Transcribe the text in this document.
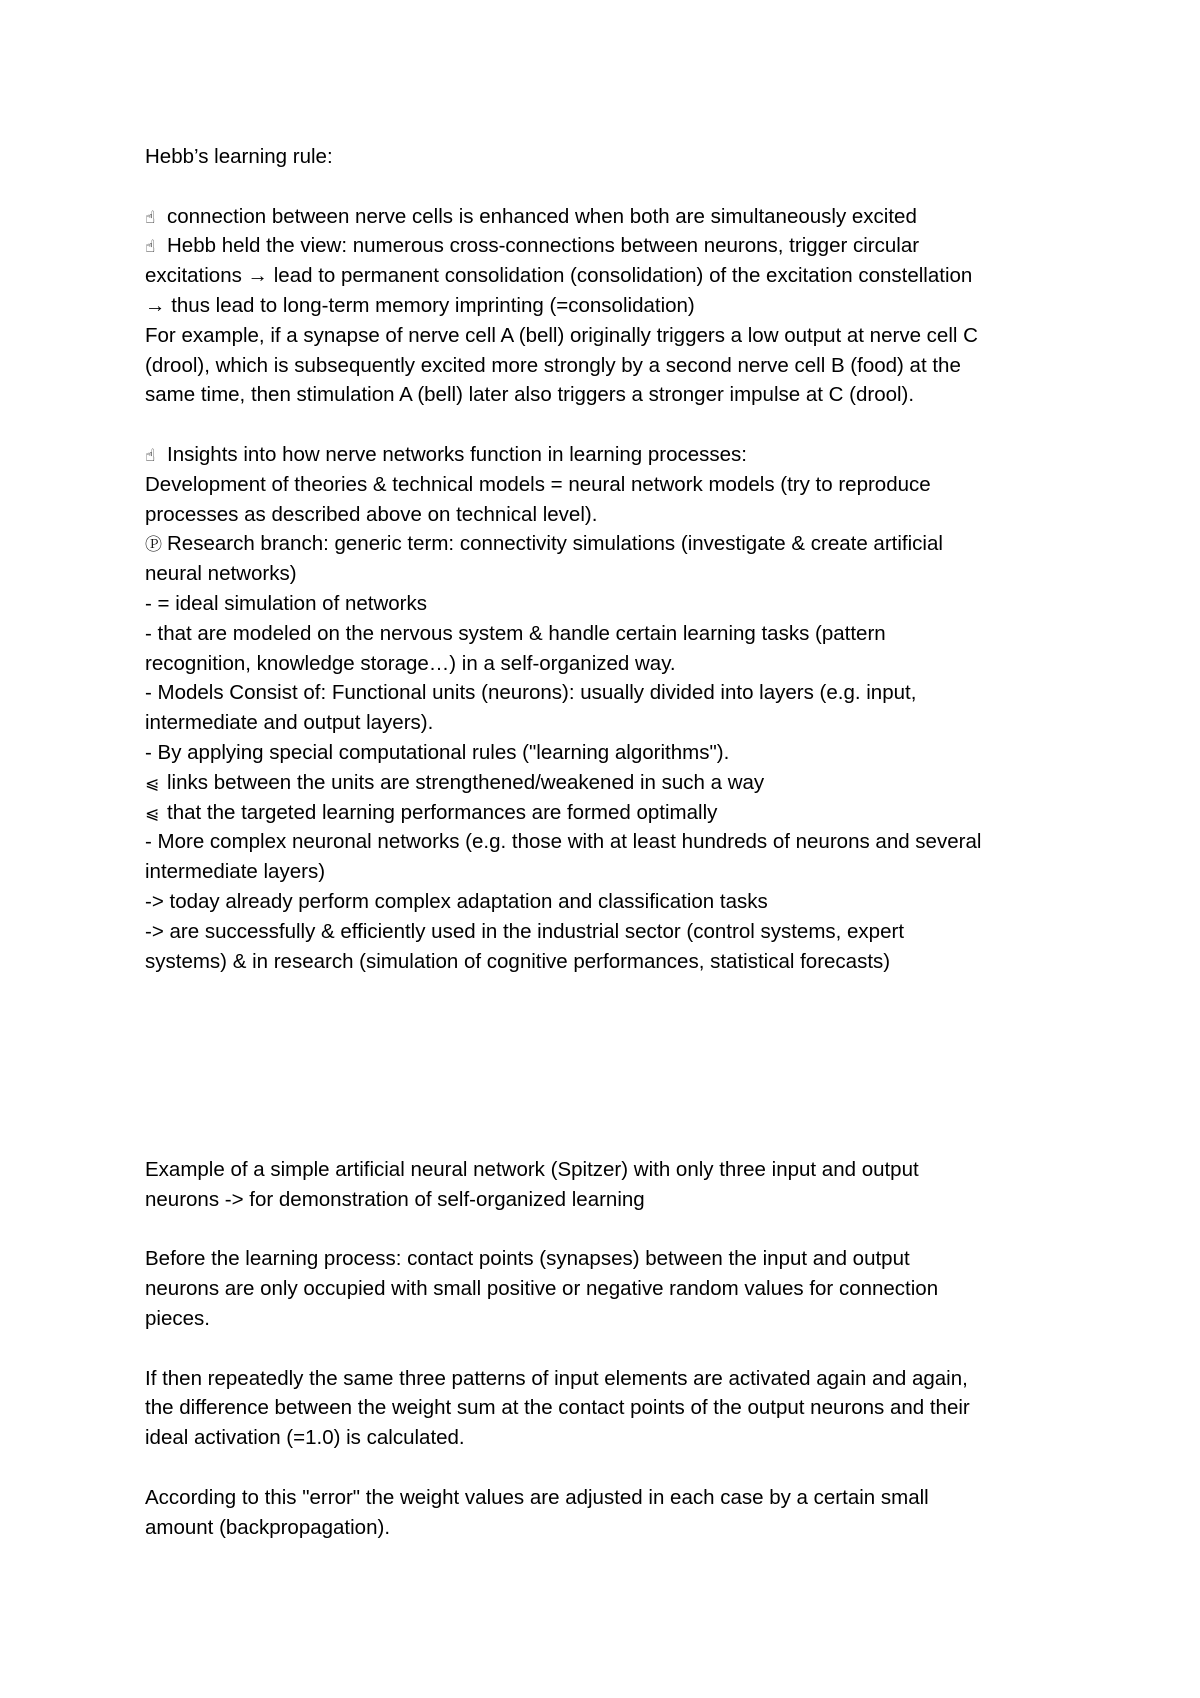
Hebb’s learning rule:
☝ connection between nerve cells is enhanced when both are simultaneously excited
☝ Hebb held the view: numerous cross-connections between neurons, trigger circular
excitations → lead to permanent consolidation (consolidation) of the excitation constellation
→ thus lead to long-term memory imprinting (=consolidation)
For example, if a synapse of nerve cell A (bell) originally triggers a low output at nerve cell C
(drool), which is subsequently excited more strongly by a second nerve cell B (food) at the
same time, then stimulation A (bell) later also triggers a stronger impulse at C (drool).
☝ Insights into how nerve networks function in learning processes:
Development of theories & technical models = neural network models (try to reproduce
processes as described above on technical level).
Ⓟ Research branch: generic term: connectivity simulations (investigate & create artificial
neural networks)
- = ideal simulation of networks
- that are modeled on the nervous system & handle certain learning tasks (pattern
recognition, knowledge storage…) in a self-organized way.
- Models Consist of: Functional units (neurons): usually divided into layers (e.g. input,
intermediate and output layers).
- By applying special computational rules ("learning algorithms").
⩿ links between the units are strengthened/weakened in such a way
⩿ that the targeted learning performances are formed optimally
- More complex neuronal networks (e.g. those with at least hundreds of neurons and several
intermediate layers)
-> today already perform complex adaptation and classification tasks
-> are successfully & efficiently used in the industrial sector (control systems, expert
systems) & in research (simulation of cognitive performances, statistical forecasts)
Example of a simple artificial neural network (Spitzer) with only three input and output
neurons -> for demonstration of self-organized learning
Before the learning process: contact points (synapses) between the input and output
neurons are only occupied with small positive or negative random values for connection
pieces.
If then repeatedly the same three patterns of input elements are activated again and again,
the difference between the weight sum at the contact points of the output neurons and their
ideal activation (=1.0) is calculated.
According to this "error" the weight values are adjusted in each case by a certain small
amount (backpropagation).
